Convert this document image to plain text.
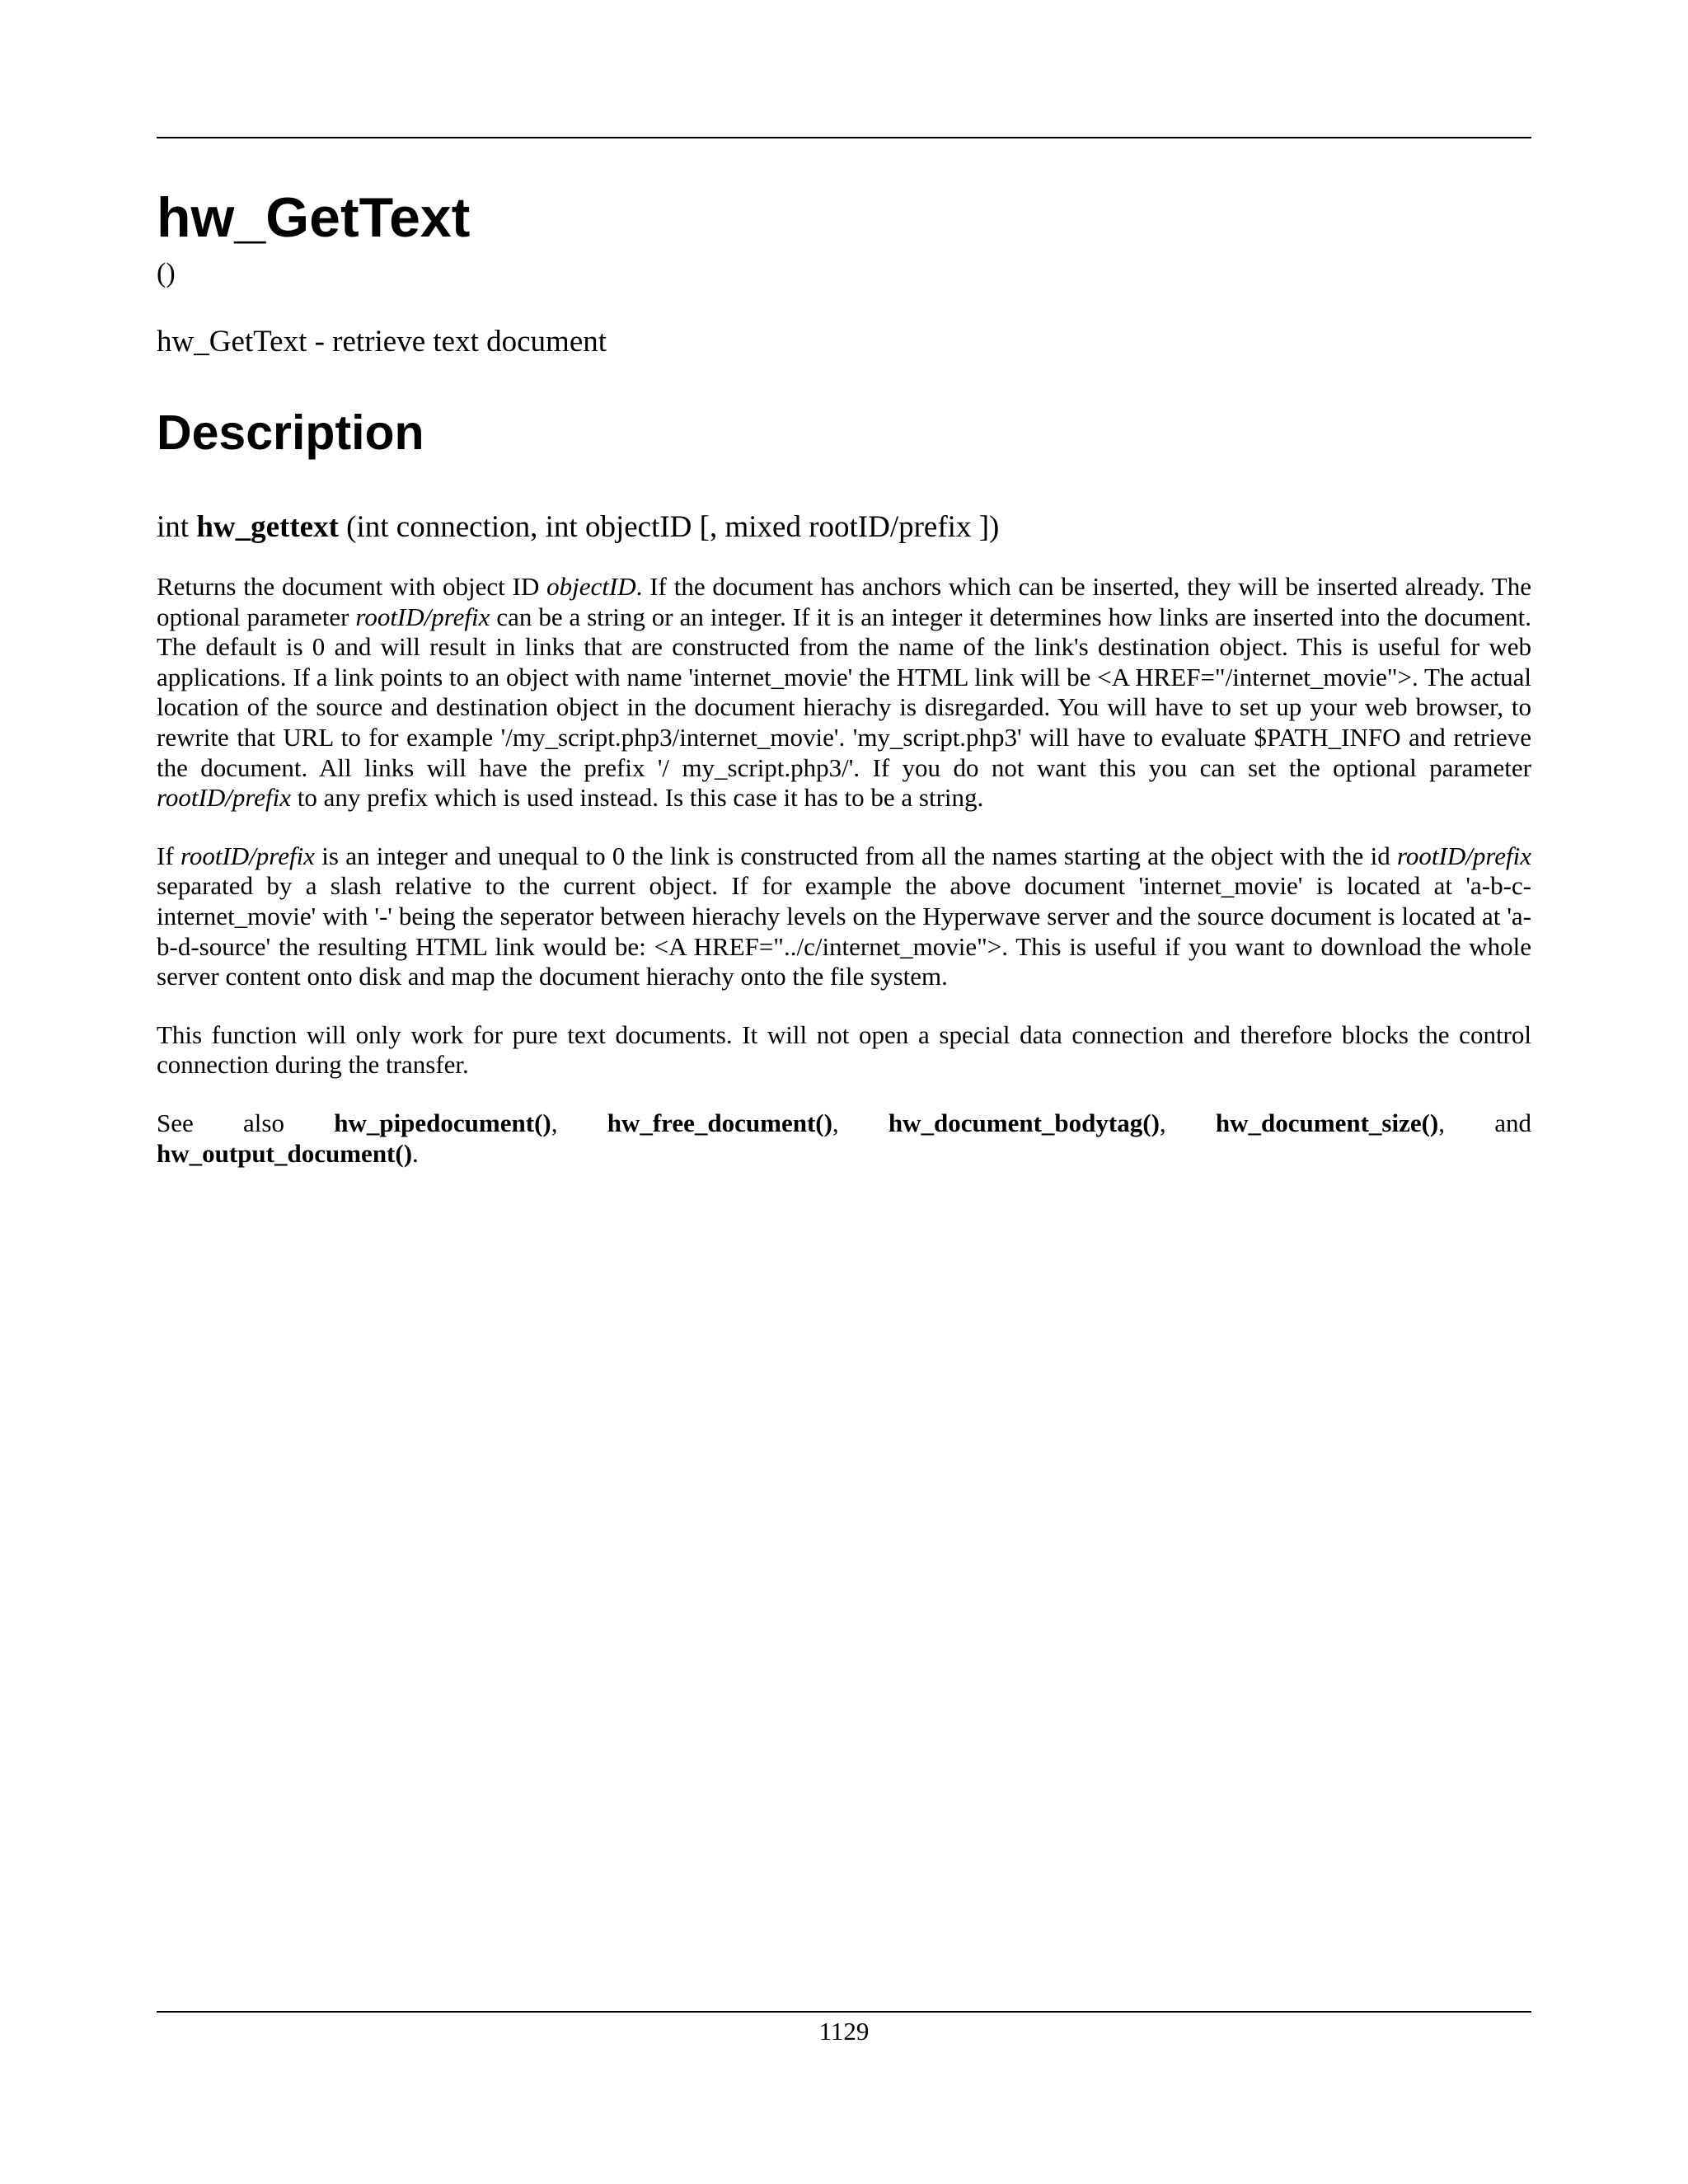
hw_GetText
()
hw_GetText - retrieve text document
Description
int hw_gettext (int connection, int objectID [, mixed rootID/prefix ])

Returns the document with object ID objectID. If the document has anchors which can be inserted, they will be inserted already. The optional parameter rootID/prefix can be a string or an integer. If it is an integer it determines how links are inserted into the document. The default is 0 and will result in links that are constructed from the name of the link's destination object. This is useful for web applications. If a link points to an object with name 'internet_movie' the HTML link will be <A HREF="/internet_movie">. The actual location of the source and destination object in the document hierachy is disregarded. You will have to set up your web browser, to rewrite that URL to for example '/my_script.php3/internet_movie'. 'my_script.php3' will have to evaluate $PATH_INFO and retrieve the document. All links will have the prefix '/ my_script.php3/'. If you do not want this you can set the optional parameter rootID/prefix to any prefix which is used instead. Is this case it has to be a string.

If rootID/prefix is an integer and unequal to 0 the link is constructed from all the names starting at the object with the id rootID/prefix separated by a slash relative to the current object. If for example the above document 'internet_movie' is located at 'a-b-c-internet_movie' with '-' being the seperator between hierachy levels on the Hyperwave server and the source document is located at 'a-b-d-source' the resulting HTML link would be: <A HREF="../c/internet_movie">. This is useful if you want to download the whole server content onto disk and map the document hierachy onto the file system.

This function will only work for pure text documents. It will not open a special data connection and therefore blocks the control connection during the transfer.

See also hw_pipedocument(), hw_free_document(), hw_document_bodytag(), hw_document_size(), and hw_output_document().

1129
